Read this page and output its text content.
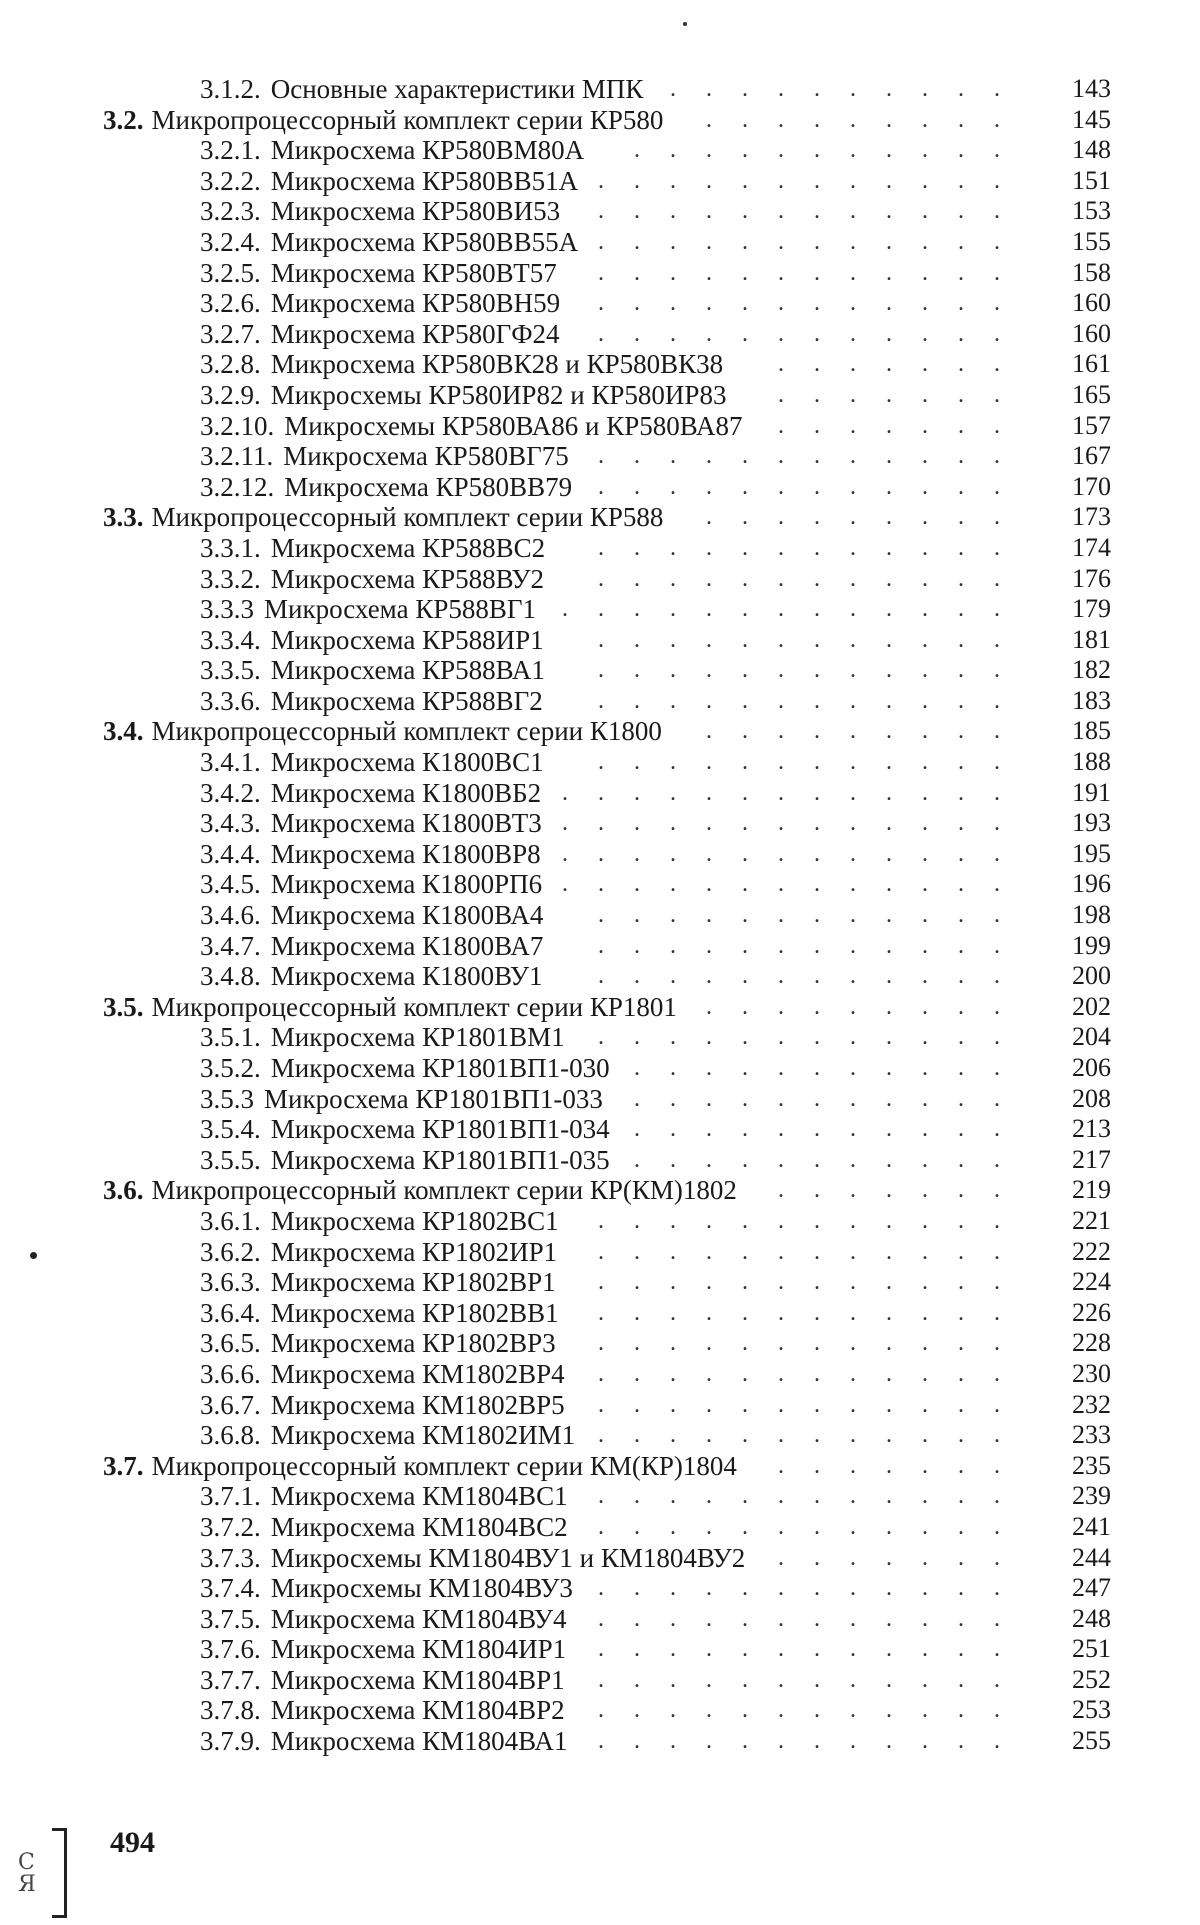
3.1.2. Основные характеристики МПК .......... 143
3.2. Микропроцессорный комплект серии КР580 ......... 145
3.2.1. Микросхема КР580ВМ80А ........... 148
3.2.2. Микросхема КР580ВВ51А ............ 151
3.2.3. Микросхема КР580ВИ53 ............ 153
3.2.4. Микросхема КР580ВВ55А ............ 155
3.2.5. Микросхема КР580ВТ57 ............ 158
3.2.6. Микросхема КР580ВН59 ............ 160
3.2.7. Микросхема КР580ГФ24 ............ 160
3.2.8. Микросхема КР580ВК28 и КР580ВК38 ....... 161
3.2.9. Микросхемы КР580ИР82 и КР580ИР83 ....... 165
3.2.10. Микросхемы КР580ВА86 и КР580ВА87 ....... 157
3.2.11. Микросхема КР580ВГ75 ............ 167
3.2.12. Микросхема КР580ВВ79 ............ 170
3.3. Микропроцессорный комплект серии КР588 ......... 173
3.3.1. Микросхема КР588ВС2 ............ 174
3.3.2. Микросхема КР588ВУ2 ............ 176
3.3.3 Микросхема КР588ВГ1 ............. 179
3.3.4. Микросхема КР588ИР1 ............ 181
3.3.5. Микросхема КР588ВА1 ............ 182
3.3.6. Микросхема КР588ВГ2 ............ 183
3.4. Микропроцессорный комплект серии К1800 ......... 185
3.4.1. Микросхема К1800ВС1 ............ 188
3.4.2. Микросхема К1800ВБ2 ............. 191
3.4.3. Микросхема К1800ВТ3 ............. 193
3.4.4. Микросхема К1800ВР8 ............. 195
3.4.5. Микросхема К1800РП6 ............. 196
3.4.6. Микросхема К1800ВА4 ............ 198
3.4.7. Микросхема К1800ВА7 ............ 199
3.4.8. Микросхема К1800ВУ1 ............ 200
3.5. Микропроцессорный комплект серии КР1801 ......... 202
3.5.1. Микросхема КР1801ВМ1 ............ 204
3.5.2. Микросхема КР1801ВП1-030 ........... 206
3.5.3 Микросхема КР1801ВП1-033 ........... 208
3.5.4. Микросхема КР1801ВП1-034 ........... 213
3.5.5. Микросхема КР1801ВП1-035 ........... 217
3.6. Микропроцессорный комплект серии КР(КМ)1802 ....... 219
3.6.1. Микросхема КР1802ВС1 ............ 221
3.6.2. Микросхема КР1802ИР1 ............ 222
3.6.3. Микросхема КР1802ВР1 ............ 224
3.6.4. Микросхема КР1802ВВ1 ............ 226
3.6.5. Микросхема КР1802ВР3 ............ 228
3.6.6. Микросхема КМ1802ВР4 ............ 230
3.6.7. Микросхема КМ1802ВР5 ............ 232
3.6.8. Микросхема КМ1802ИМ1 ............ 233
3.7. Микропроцессорный комплект серии КМ(КР)1804 ....... 235
3.7.1. Микросхема КМ1804ВС1 ............ 239
3.7.2. Микросхема КМ1804ВС2 ............ 241
3.7.3. Микросхемы КМ1804ВУ1 и КМ1804ВУ2 ....... 244
3.7.4. Микросхемы КМ1804ВУ3 ............ 247
3.7.5. Микросхема КМ1804ВУ4 ............ 248
3.7.6. Микросхема КМ1804ИР1 ............ 251
3.7.7. Микросхема КМ1804ВР1 ............ 252
3.7.8. Микросхема КМ1804ВР2 ............ 253
3.7.9. Микросхема КМ1804ВА1 ............ 255
С
Я
494
